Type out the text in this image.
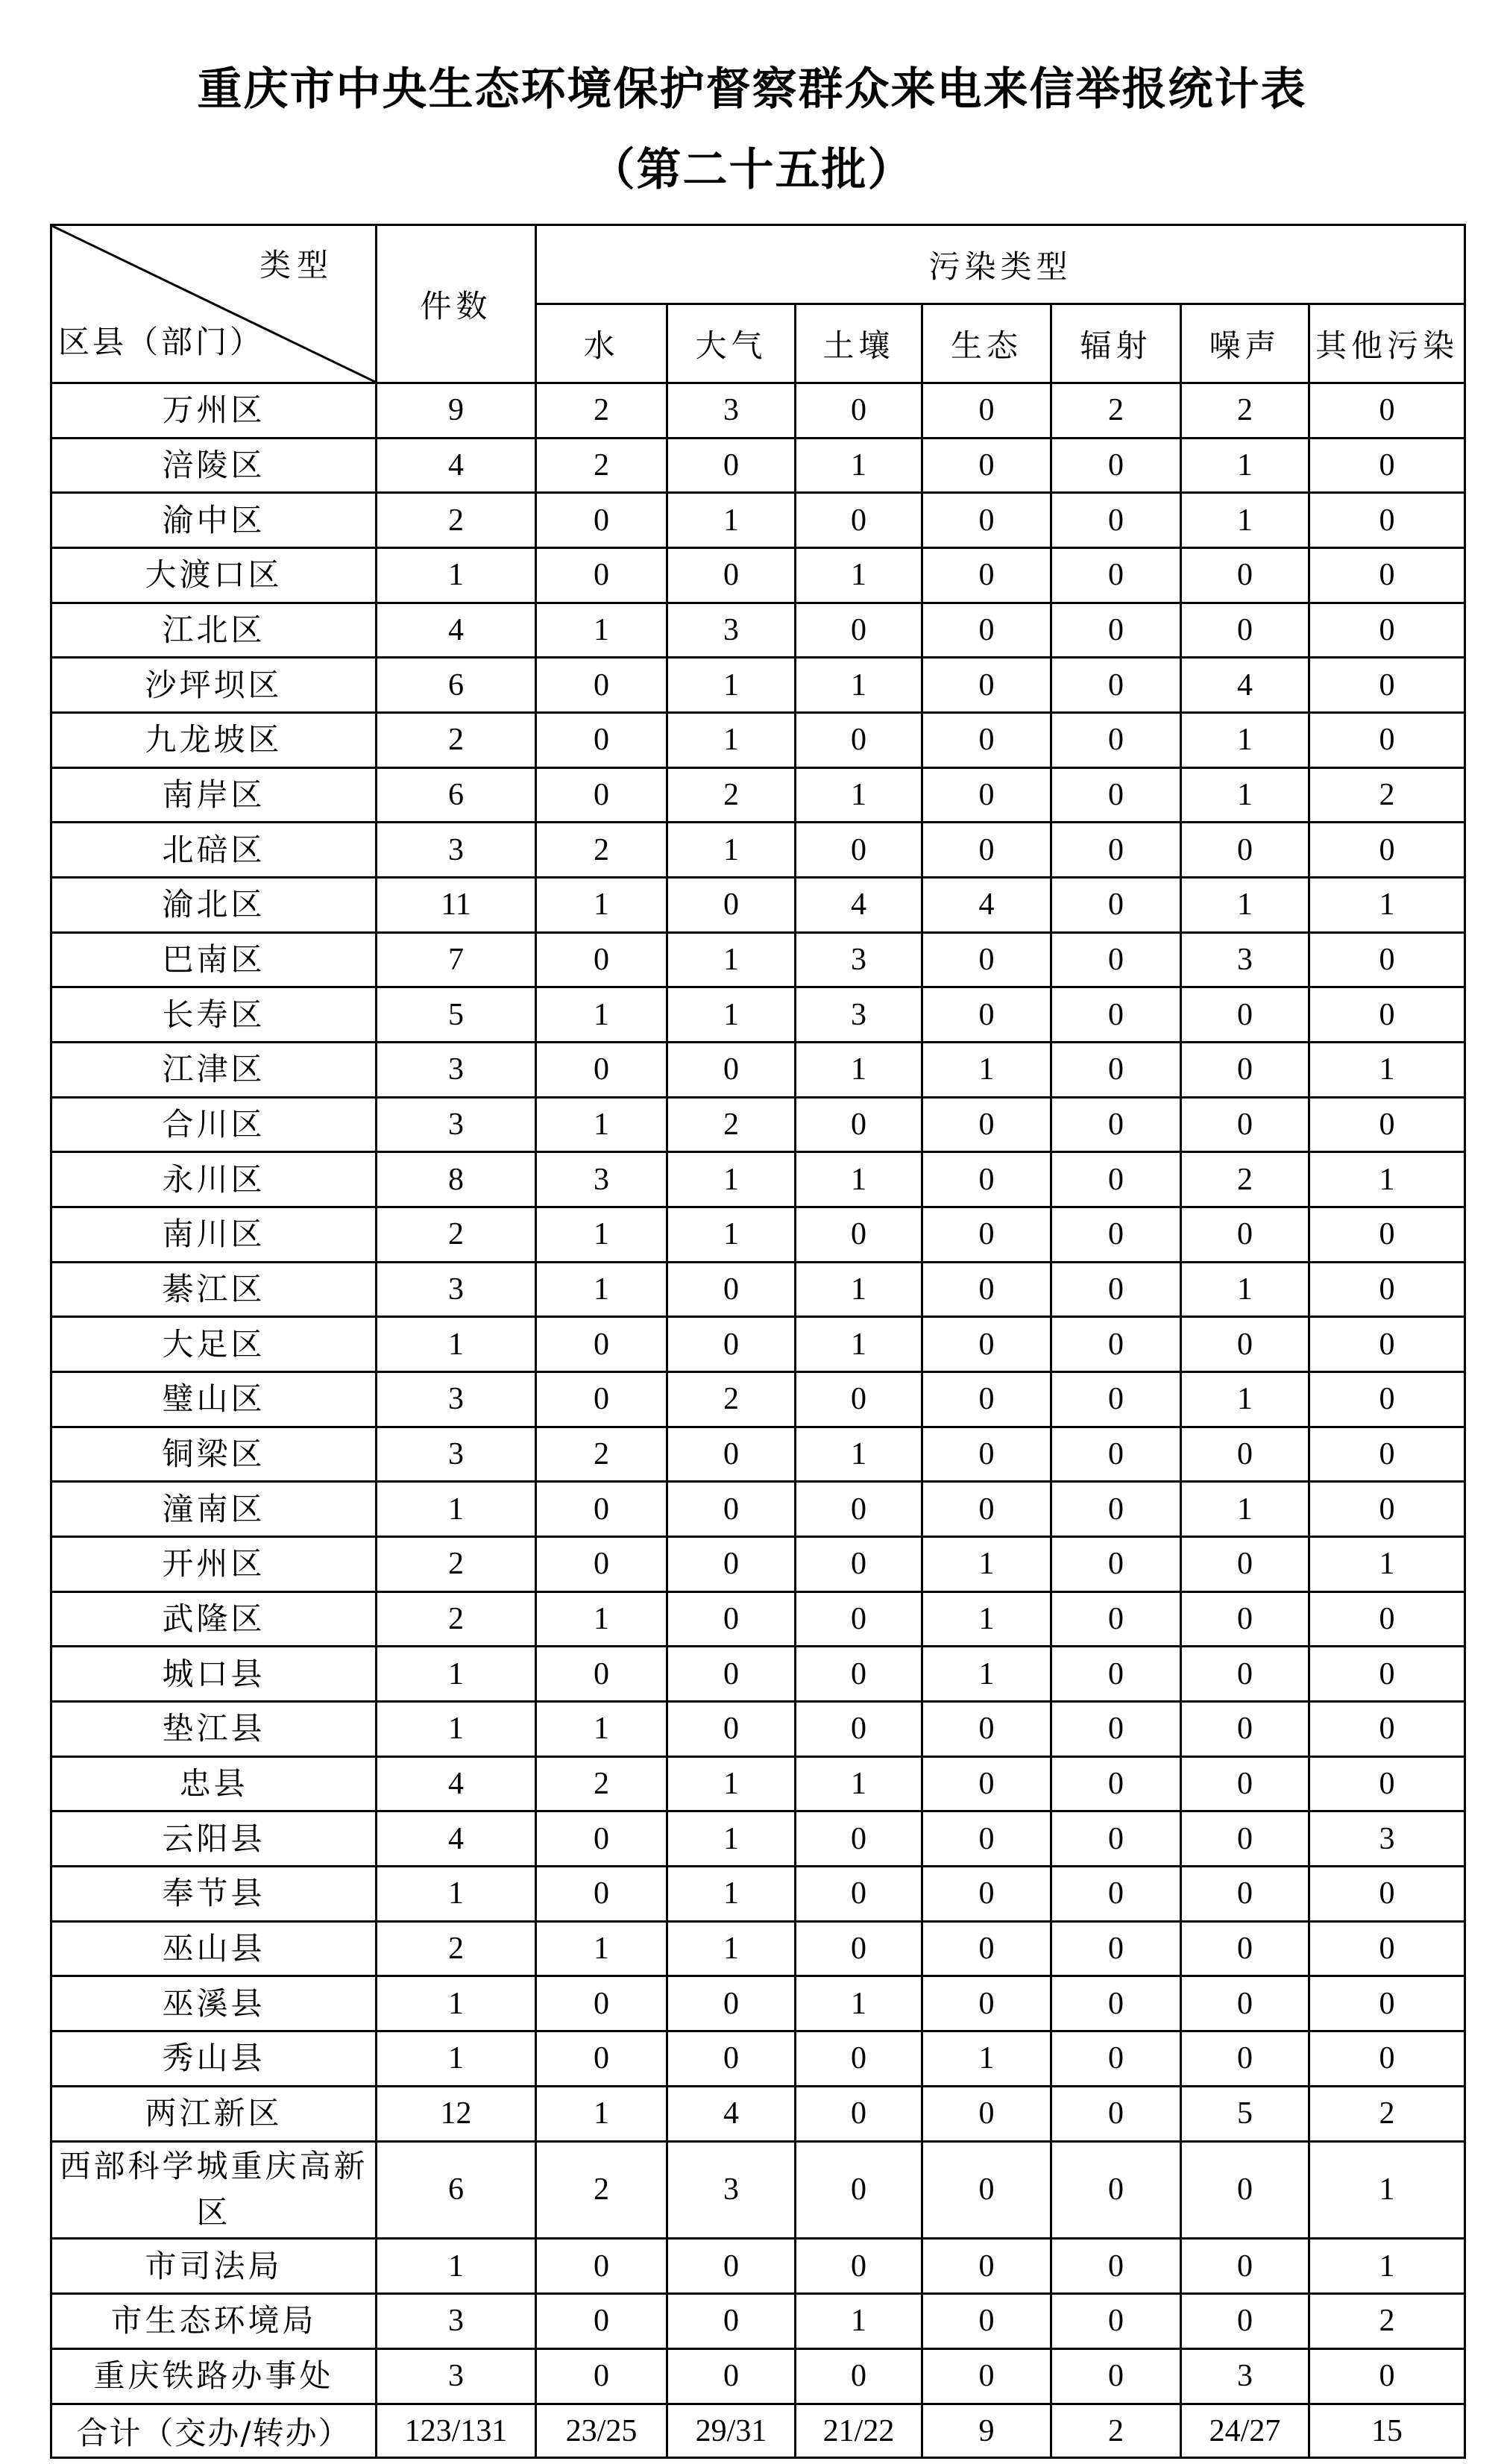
重庆市中央生态环境保护督察群众来电来信举报统计表
（第二十五批）
类型
区县（部门）	件数	污染类型						
		水	大气	土壤	生态	辐射	噪声	其他污染
万州区	9	2	3	0	0	2	2	0
涪陵区	4	2	0	1	0	0	1	0
渝中区	2	0	1	0	0	0	1	0
大渡口区	1	0	0	1	0	0	0	0
江北区	4	1	3	0	0	0	0	0
沙坪坝区	6	0	1	1	0	0	4	0
九龙坡区	2	0	1	0	0	0	1	0
南岸区	6	0	2	1	0	0	1	2
北碚区	3	2	1	0	0	0	0	0
渝北区	11	1	0	4	4	0	1	1
巴南区	7	0	1	3	0	0	3	0
长寿区	5	1	1	3	0	0	0	0
江津区	3	0	0	1	1	0	0	1
合川区	3	1	2	0	0	0	0	0
永川区	8	3	1	1	0	0	2	1
南川区	2	1	1	0	0	0	0	0
綦江区	3	1	0	1	0	0	1	0
大足区	1	0	0	1	0	0	0	0
璧山区	3	0	2	0	0	0	1	0
铜梁区	3	2	0	1	0	0	0	0
潼南区	1	0	0	0	0	0	1	0
开州区	2	0	0	0	1	0	0	1
武隆区	2	1	0	0	1	0	0	0
城口县	1	0	0	0	1	0	0	0
垫江县	1	1	0	0	0	0	0	0
忠县	4	2	1	1	0	0	0	0
云阳县	4	0	1	0	0	0	0	3
奉节县	1	0	1	0	0	0	0	0
巫山县	2	1	1	0	0	0	0	0
巫溪县	1	0	0	1	0	0	0	0
秀山县	1	0	0	0	1	0	0	0
两江新区	12	1	4	0	0	0	5	2
西部科学城重庆高新区	6	2	3	0	0	0	0	1
市司法局	1	0	0	0	0	0	0	1
市生态环境局	3	0	0	1	0	0	0	2
重庆铁路办事处	3	0	0	0	0	0	3	0
合计（交办/转办）	123/131	23/25	29/31	21/22	9	2	24/27	15
